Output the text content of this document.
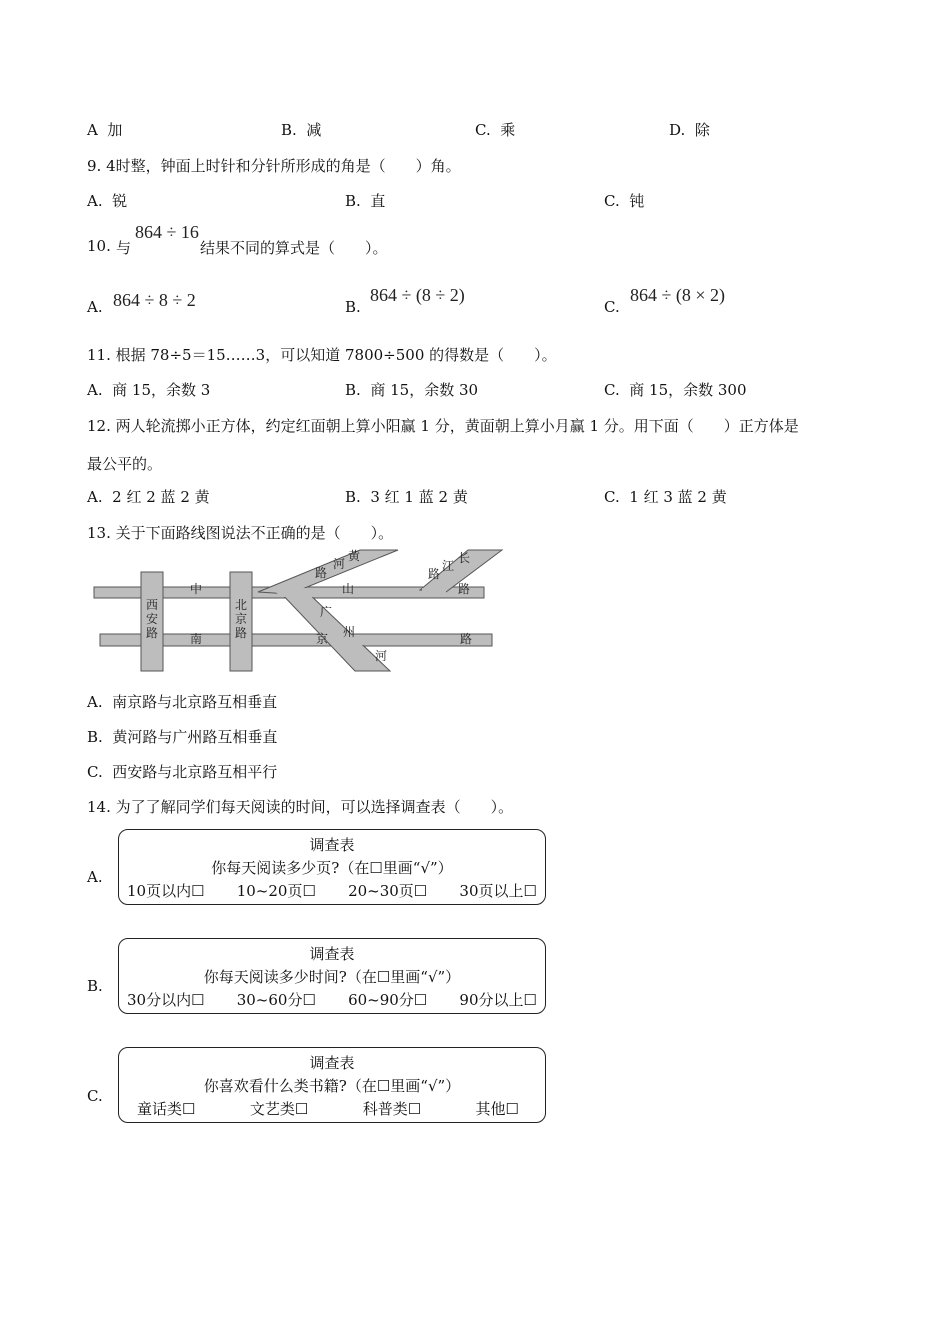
A 加	B. 减	C. 乘	D. 除
9. 4时整，钟面上时针和分针所形成的角是（　　）角。
A. 锐	B. 直	C. 钝
10. 与
864 ÷ 16
结果不同的算式是（　　）。
A. 864 ÷ 8 ÷ 2	B.
864 ÷ (8 ÷ 2)
C.
864 ÷ (8 × 2)
11. 根据 78÷5＝15……3，可以知道 7800÷500 的得数是（　　）。
A. 商 15，余数 3	B. 商 15，余数 30	C. 商 15，余数 300
12. 两人轮流掷小正方体，约定红面朝上算小阳赢 1 分，黄面朝上算小月赢 1 分。用下面（　　）正方体是
最公平的。
A. 2 红 2 蓝 2 黄	B. 3 红 1 蓝 2 黄	C. 1 红 3 蓝 2 黄
13. 关于下面路线图说法不正确的是（　　）。
中	山
南	路
西
安
路
北
京
路
路
河
黄
路
江
长
路
广
京 州
河
A. 南京路与北京路互相垂直
B. 黄河路与广州路互相垂直
C. 西安路与北京路互相平行
14. 为了了解同学们每天阅读的时间，可以选择调查表（　　）。
A.
调查表
你每天阅读多少页?（在☐里画“√”）
10页以内☐ 10~20页☐ 20~30页☐ 30页以上☐
B.
调查表
你每天阅读多少时间?（在☐里画“√”）
30分以内☐ 30~60分☐ 60~90分☐ 90分以上☐
C.
调查表
你喜欢看什么类书籍?（在☐里画“√”）
童话类☐	文艺类☐	科普类☐	其他☐
